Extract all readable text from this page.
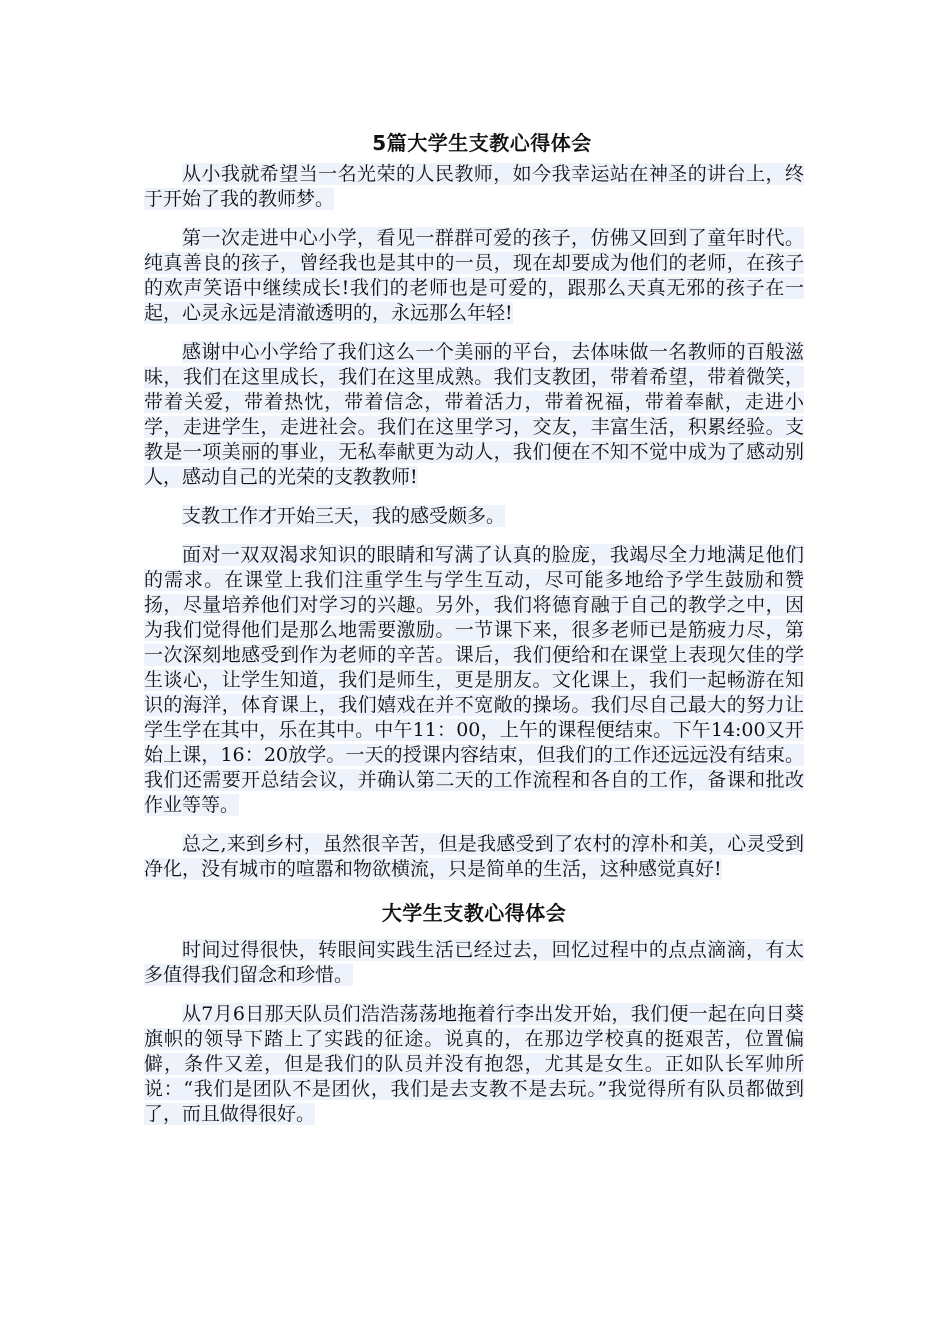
5篇大学生支教心得体会

从小我就希望当一名光荣的人民教师，如今我幸运站在神圣的讲台上，终于开始了我的教师梦。

第一次走进中心小学，看见一群群可爱的孩子，仿佛又回到了童年时代。纯真善良的孩子，曾经我也是其中的一员，现在却要成为他们的老师，在孩子的欢声笑语中继续成长!我们的老师也是可爱的，跟那么天真无邪的孩子在一起，心灵永远是清澈透明的，永远那么年轻!

感谢中心小学给了我们这么一个美丽的平台，去体味做一名教师的百般滋味，我们在这里成长，我们在这里成熟。我们支教团，带着希望，带着微笑，带着关爱，带着热忱，带着信念，带着活力，带着祝福，带着奉献，走进小学，走进学生，走进社会。我们在这里学习，交友，丰富生活，积累经验。支教是一项美丽的事业，无私奉献更为动人，我们便在不知不觉中成为了感动别人，感动自己的光荣的支教教师!

支教工作才开始三天，我的感受颇多。

面对一双双渴求知识的眼睛和写满了认真的脸庞，我竭尽全力地满足他们的需求。在课堂上我们注重学生与学生互动，尽可能多地给予学生鼓励和赞扬，尽量培养他们对学习的兴趣。另外，我们将德育融于自己的教学之中，因为我们觉得他们是那么地需要激励。一节课下来，很多老师已是筋疲力尽，第一次深刻地感受到作为老师的辛苦。课后，我们便给和在课堂上表现欠佳的学生谈心，让学生知道，我们是师生，更是朋友。文化课上，我们一起畅游在知识的海洋，体育课上，我们嬉戏在并不宽敞的操场。我们尽自己最大的努力让学生学在其中，乐在其中。中午11：00，上午的课程便结束。下午14:00又开始上课，16：20放学。一天的授课内容结束，但我们的工作还远远没有结束。我们还需要开总结会议，并确认第二天的工作流程和各自的工作，备课和批改作业等等。

总之,来到乡村，虽然很辛苦，但是我感受到了农村的淳朴和美，心灵受到净化，没有城市的喧嚣和物欲横流，只是简单的生活，这种感觉真好!

大学生支教心得体会

时间过得很快，转眼间实践生活已经过去，回忆过程中的点点滴滴，有太多值得我们留念和珍惜。

从7月6日那天队员们浩浩荡荡地拖着行李出发开始，我们便一起在向日葵旗帜的领导下踏上了实践的征途。说真的，在那边学校真的挺艰苦，位置偏僻，条件又差，但是我们的队员并没有抱怨，尤其是女生。正如队长军帅所说：“我们是团队不是团伙，我们是去支教不是去玩。”我觉得所有队员都做到了，而且做得很好。
